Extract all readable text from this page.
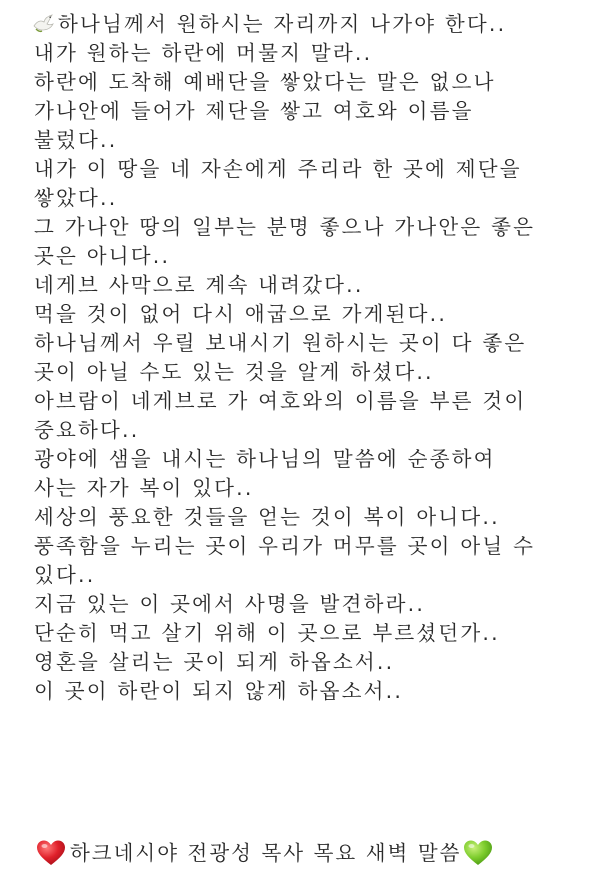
하나님께서 원하시는 자리까지 나가야 한다..
내가 원하는 하란에 머물지 말라..
하란에 도착해 예배단을 쌓았다는 말은 없으나
가나안에 들어가 제단을 쌓고 여호와 이름을
불렀다..
내가 이 땅을 네 자손에게 주리라 한 곳에 제단을
쌓았다..
그 가나안 땅의 일부는 분명 좋으나 가나안은 좋은
곳은 아니다..
네게브 사막으로 계속 내려갔다..
먹을 것이 없어 다시 애굽으로 가게된다..
하나님께서 우릴 보내시기 원하시는 곳이 다 좋은
곳이 아닐 수도 있는 것을 알게 하셨다..
아브람이 네게브로 가 여호와의 이름을 부른 것이
중요하다..
광야에 샘을 내시는 하나님의 말씀에 순종하여
사는 자가 복이 있다..
세상의 풍요한 것들을 얻는 것이 복이 아니다..
풍족함을 누리는 곳이 우리가 머무를 곳이 아닐 수
있다..
지금 있는 이 곳에서 사명을 발견하라..
단순히 먹고 살기 위해 이 곳으로 부르셨던가..
영혼을 살리는 곳이 되게 하옵소서..
이 곳이 하란이 되지 않게 하옵소서..
하크네시야 전광성 목사 목요 새벽 말씀
